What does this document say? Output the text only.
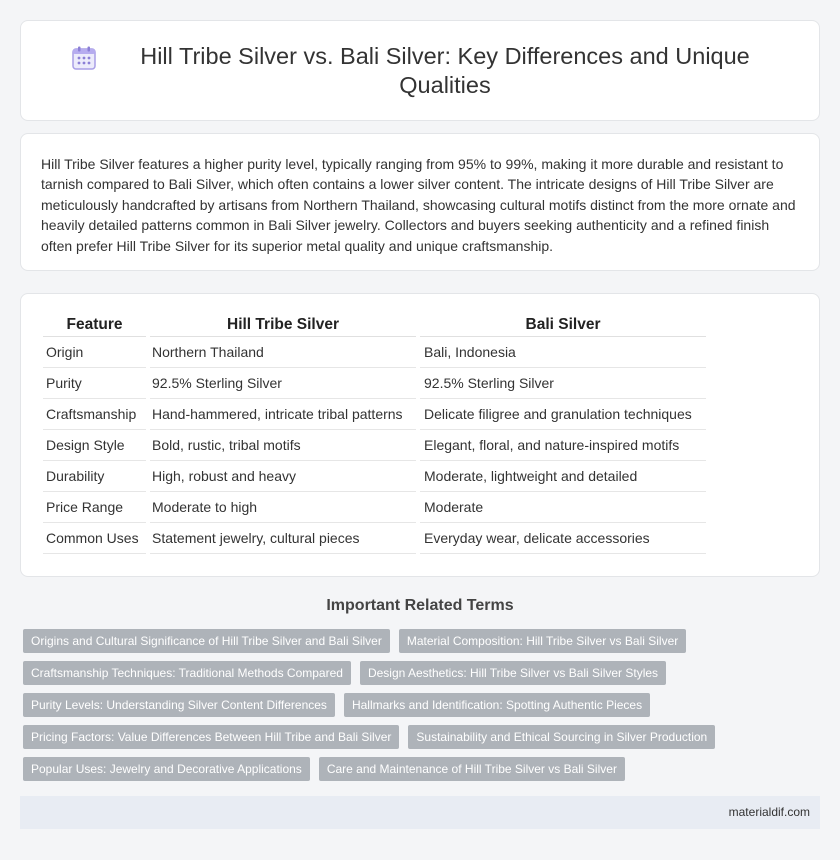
Hill Tribe Silver vs. Bali Silver: Key Differences and Unique Qualities

Hill Tribe Silver features a higher purity level, typically ranging from 95% to 99%, making it more durable and resistant to tarnish compared to Bali Silver, which often contains a lower silver content. The intricate designs of Hill Tribe Silver are meticulously handcrafted by artisans from Northern Thailand, showcasing cultural motifs distinct from the more ornate and heavily detailed patterns common in Bali Silver jewelry. Collectors and buyers seeking authenticity and a refined finish often prefer Hill Tribe Silver for its superior metal quality and unique craftsmanship.

Feature	Hill Tribe Silver	Bali Silver
Origin	Northern Thailand	Bali, Indonesia
Purity	92.5% Sterling Silver	92.5% Sterling Silver
Craftsmanship	Hand-hammered, intricate tribal patterns	Delicate filigree and granulation techniques
Design Style	Bold, rustic, tribal motifs	Elegant, floral, and nature-inspired motifs
Durability	High, robust and heavy	Moderate, lightweight and detailed
Price Range	Moderate to high	Moderate
Common Uses	Statement jewelry, cultural pieces	Everyday wear, delicate accessories
Important Related Terms
Origins and Cultural Significance of Hill Tribe Silver and Bali Silver	Material Composition: Hill Tribe Silver vs Bali Silver
Craftsmanship Techniques: Traditional Methods Compared	Design Aesthetics: Hill Tribe Silver vs Bali Silver Styles
Purity Levels: Understanding Silver Content Differences	Hallmarks and Identification: Spotting Authentic Pieces
Pricing Factors: Value Differences Between Hill Tribe and Bali Silver	Sustainability and Ethical Sourcing in Silver Production
Popular Uses: Jewelry and Decorative Applications	Care and Maintenance of Hill Tribe Silver vs Bali Silver
materialdif.com
